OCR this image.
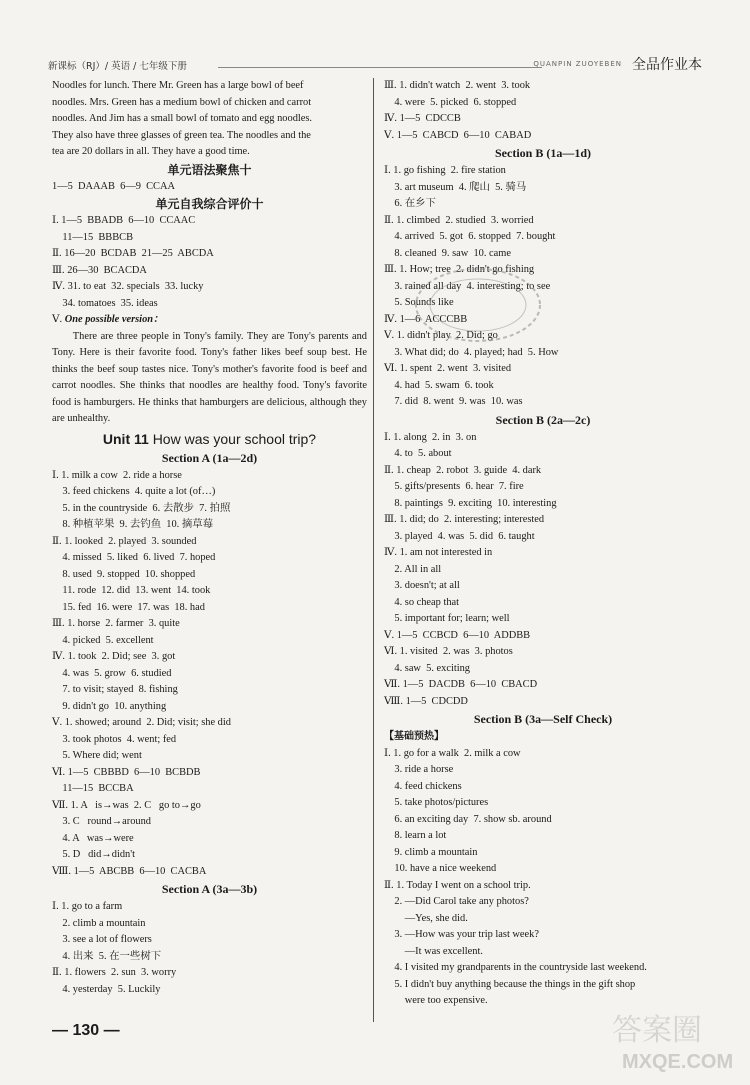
新课标（RJ）/ 英语 / 七年级下册	QUANPIN ZUOYEBEN 全品作业本
Noodles for lunch. There Mr. Green has a large bowl of beef
noodles. Mrs. Green has a medium bowl of chicken and carrot
noodles. And Jim has a small bowl of tomato and egg noodles.
They also have three glasses of green tea. The noodles and the
tea are 20 dollars in all. They have a good time.
单元语法聚焦十
1—5  DAAAB  6—9  CCAA
单元自我综合评价十
Ⅰ. 1—5  BBADB  6—10  CCAAC
11—15  BBBCB
Ⅱ. 16—20  BCDAB  21—25  ABCDA
Ⅲ. 26—30  BCACDA
Ⅳ. 31. to eat  32. specials  33. lucky
34. tomatoes  35. ideas
Ⅴ. One possible version：

There are three people in Tony's family. They are Tony's parents and Tony. Here is their favorite food. Tony's father likes beef soup best. He thinks the beef soup tastes nice. Tony's mother's favorite food is beef and carrot noodles. She thinks that noodles are healthy food. Tony's favorite food is hamburgers. He thinks that hamburgers are delicious, although they are unhealthy.

Unit 11 How was your school trip?
Section A (1a—2d)
Ⅰ. 1. milk a cow  2. ride a horse
3. feed chickens  4. quite a lot (of…)
5. in the countryside  6. 去散步  7. 拍照
8. 种植苹果  9. 去钓鱼  10. 摘草莓
Ⅱ. 1. looked  2. played  3. sounded
4. missed  5. liked  6. lived  7. hoped
8. used  9. stopped  10. shopped
11. rode  12. did  13. went  14. took
15. fed  16. were  17. was  18. had
Ⅲ. 1. horse  2. farmer  3. quite
4. picked  5. excellent
Ⅳ. 1. took  2. Did; see  3. got
4. was  5. grow  6. studied
7. to visit; stayed  8. fishing
9. didn't go  10. anything
Ⅴ. 1. showed; around  2. Did; visit; she did
3. took photos  4. went; fed
5. Where did; went
Ⅵ. 1—5  CBBBD  6—10  BCBDB
11—15  BCCBA
Ⅶ. 1. A   is→was  2. C   go to→go
3. C   round→around
4. A   was→were
5. D   did→didn't
Ⅷ. 1—5  ABCBB  6—10  CACBA
Section A (3a—3b)
Ⅰ. 1. go to a farm
2. climb a mountain
3. see a lot of flowers
4. 出来  5. 在一些树下
Ⅱ. 1. flowers  2. sun  3. worry
4. yesterday  5. Luckily
Ⅲ. 1. didn't watch  2. went  3. took
4. were  5. picked  6. stopped
Ⅳ. 1—5  CDCCB
Ⅴ. 1—5  CABCD  6—10  CABAD
Section B (1a—1d)
Ⅰ. 1. go fishing  2. fire station
3. art museum  4. 爬山  5. 骑马
6. 在乡下
Ⅱ. 1. climbed  2. studied  3. worried
4. arrived  5. got  6. stopped  7. bought
8. cleaned  9. saw  10. came
Ⅲ. 1. How; tree  2. didn't go fishing
3. rained all day  4. interesting; to see
5. Sounds like
Ⅳ. 1—6  ACCCBB
Ⅴ. 1. didn't play  2. Did; go
3. What did; do  4. played; had  5. How
Ⅵ. 1. spent  2. went  3. visited
4. had  5. swam  6. took
7. did  8. went  9. was  10. was
Section B (2a—2c)
Ⅰ. 1. along  2. in  3. on
4. to  5. about
Ⅱ. 1. cheap  2. robot  3. guide  4. dark
5. gifts/presents  6. hear  7. fire
8. paintings  9. exciting  10. interesting
Ⅲ. 1. did; do  2. interesting; interested
3. played  4. was  5. did  6. taught
Ⅳ. 1. am not interested in
2. All in all
3. doesn't; at all
4. so cheap that
5. important for; learn; well
Ⅴ. 1—5  CCBCD  6—10  ADDBB
Ⅵ. 1. visited  2. was  3. photos
4. saw  5. exciting
Ⅶ. 1—5  DACDB  6—10  CBACD
Ⅷ. 1—5  CDCDD
Section B (3a—Self Check)
【基础预热】
Ⅰ. 1. go for a walk  2. milk a cow
3. ride a horse
4. feed chickens
5. take photos/pictures
6. an exciting day  7. show sb. around
8. learn a lot
9. climb a mountain
10. have a nice weekend
Ⅱ. 1. Today I went on a school trip.
2. —Did Carol take any photos?
—Yes, she did.
3. —How was your trip last week?
—It was excellent.
4. I visited my grandparents in the countryside last weekend.
5. I didn't buy anything because the things in the gift shop
were too expensive.
— 130 —	答案圈
MXQE.COM
